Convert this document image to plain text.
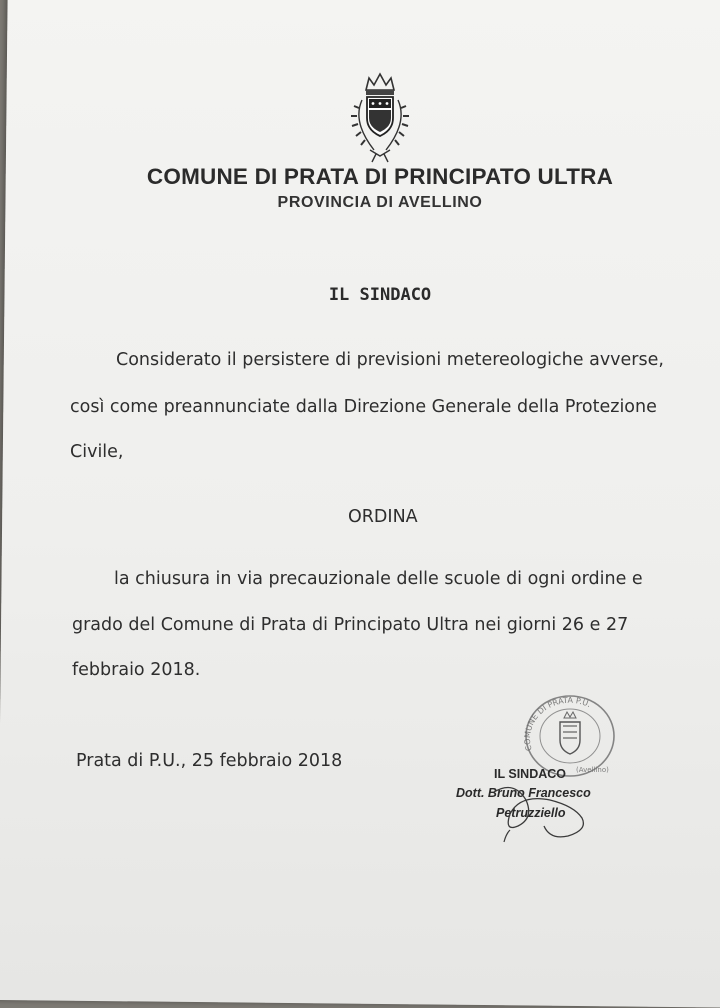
COMUNE DI PRATA DI PRINCIPATO ULTRA
PROVINCIA DI AVELLINO
IL SINDACO
Considerato il persistere di previsioni metereologiche avverse,
così come preannunciate dalla Direzione Generale della Protezione
Civile,
ORDINA
la chiusura in via precauzionale delle scuole di ogni ordine e
grado del Comune di Prata di Principato Ultra nei giorni 26 e 27
febbraio 2018.
Prata di P.U., 25 febbraio 2018
COMUNE DI PRATA P.U.
(Avellino)
IL SINDACO
Dott. Bruno Francesco
Petruzziello
